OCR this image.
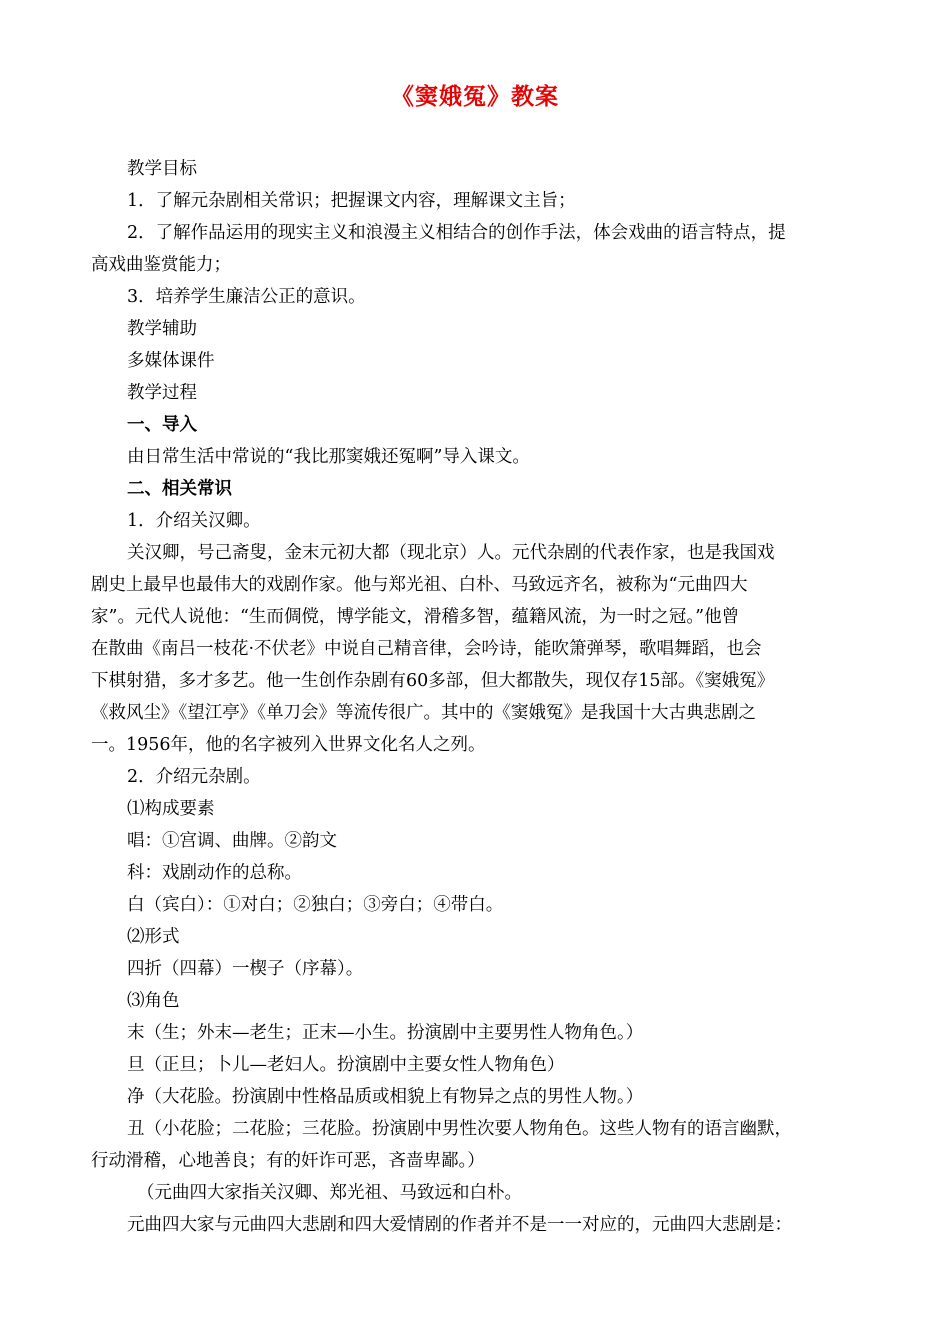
《窦娥冤》教案

教学目标

1．了解元杂剧相关常识；把握课文内容，理解课文主旨；

2．了解作品运用的现实主义和浪漫主义相结合的创作手法，体会戏曲的语言特点，提
高戏曲鉴赏能力；

3．培养学生廉洁公正的意识。

教学辅助

多媒体课件

教学过程

一、导入

由日常生活中常说的“我比那窦娥还冤啊”导入课文。

二、相关常识

1．介绍关汉卿。

关汉卿，号己斋叟，金末元初大都（现北京）人。元代杂剧的代表作家，也是我国戏
剧史上最早也最伟大的戏剧作家。他与郑光祖、白朴、马致远齐名，被称为“元曲四大
家”。元代人说他：“生而倜傥，博学能文，滑稽多智，蕴籍风流，为一时之冠。”他曾
在散曲《南吕一枝花·不伏老》中说自己精音律，会吟诗，能吹箫弹琴，歌唱舞蹈，也会
下棋射猎，多才多艺。他一生创作杂剧有60多部，但大都散失，现仅存15部。《窦娥冤》
《救风尘》《望江亭》《单刀会》等流传很广。其中的《窦娥冤》是我国十大古典悲剧之
一。1956年，他的名字被列入世界文化名人之列。

2．介绍元杂剧。

⑴构成要素

唱：①宫调、曲牌。②韵文

科：戏剧动作的总称。

白（宾白）：①对白；②独白；③旁白；④带白。

⑵形式

四折（四幕）一楔子（序幕）。

⑶角色

末（生；外末—老生；正末—小生。扮演剧中主要男性人物角色。）

旦（正旦；卜儿—老妇人。扮演剧中主要女性人物角色）

净（大花脸。扮演剧中性格品质或相貌上有物异之点的男性人物。）

丑（小花脸；二花脸；三花脸。扮演剧中男性次要人物角色。这些人物有的语言幽默，
行动滑稽，心地善良；有的奸诈可恶，吝啬卑鄙。）

（元曲四大家指关汉卿、郑光祖、马致远和白朴。

元曲四大家与元曲四大悲剧和四大爱情剧的作者并不是一一对应的，元曲四大悲剧是：
